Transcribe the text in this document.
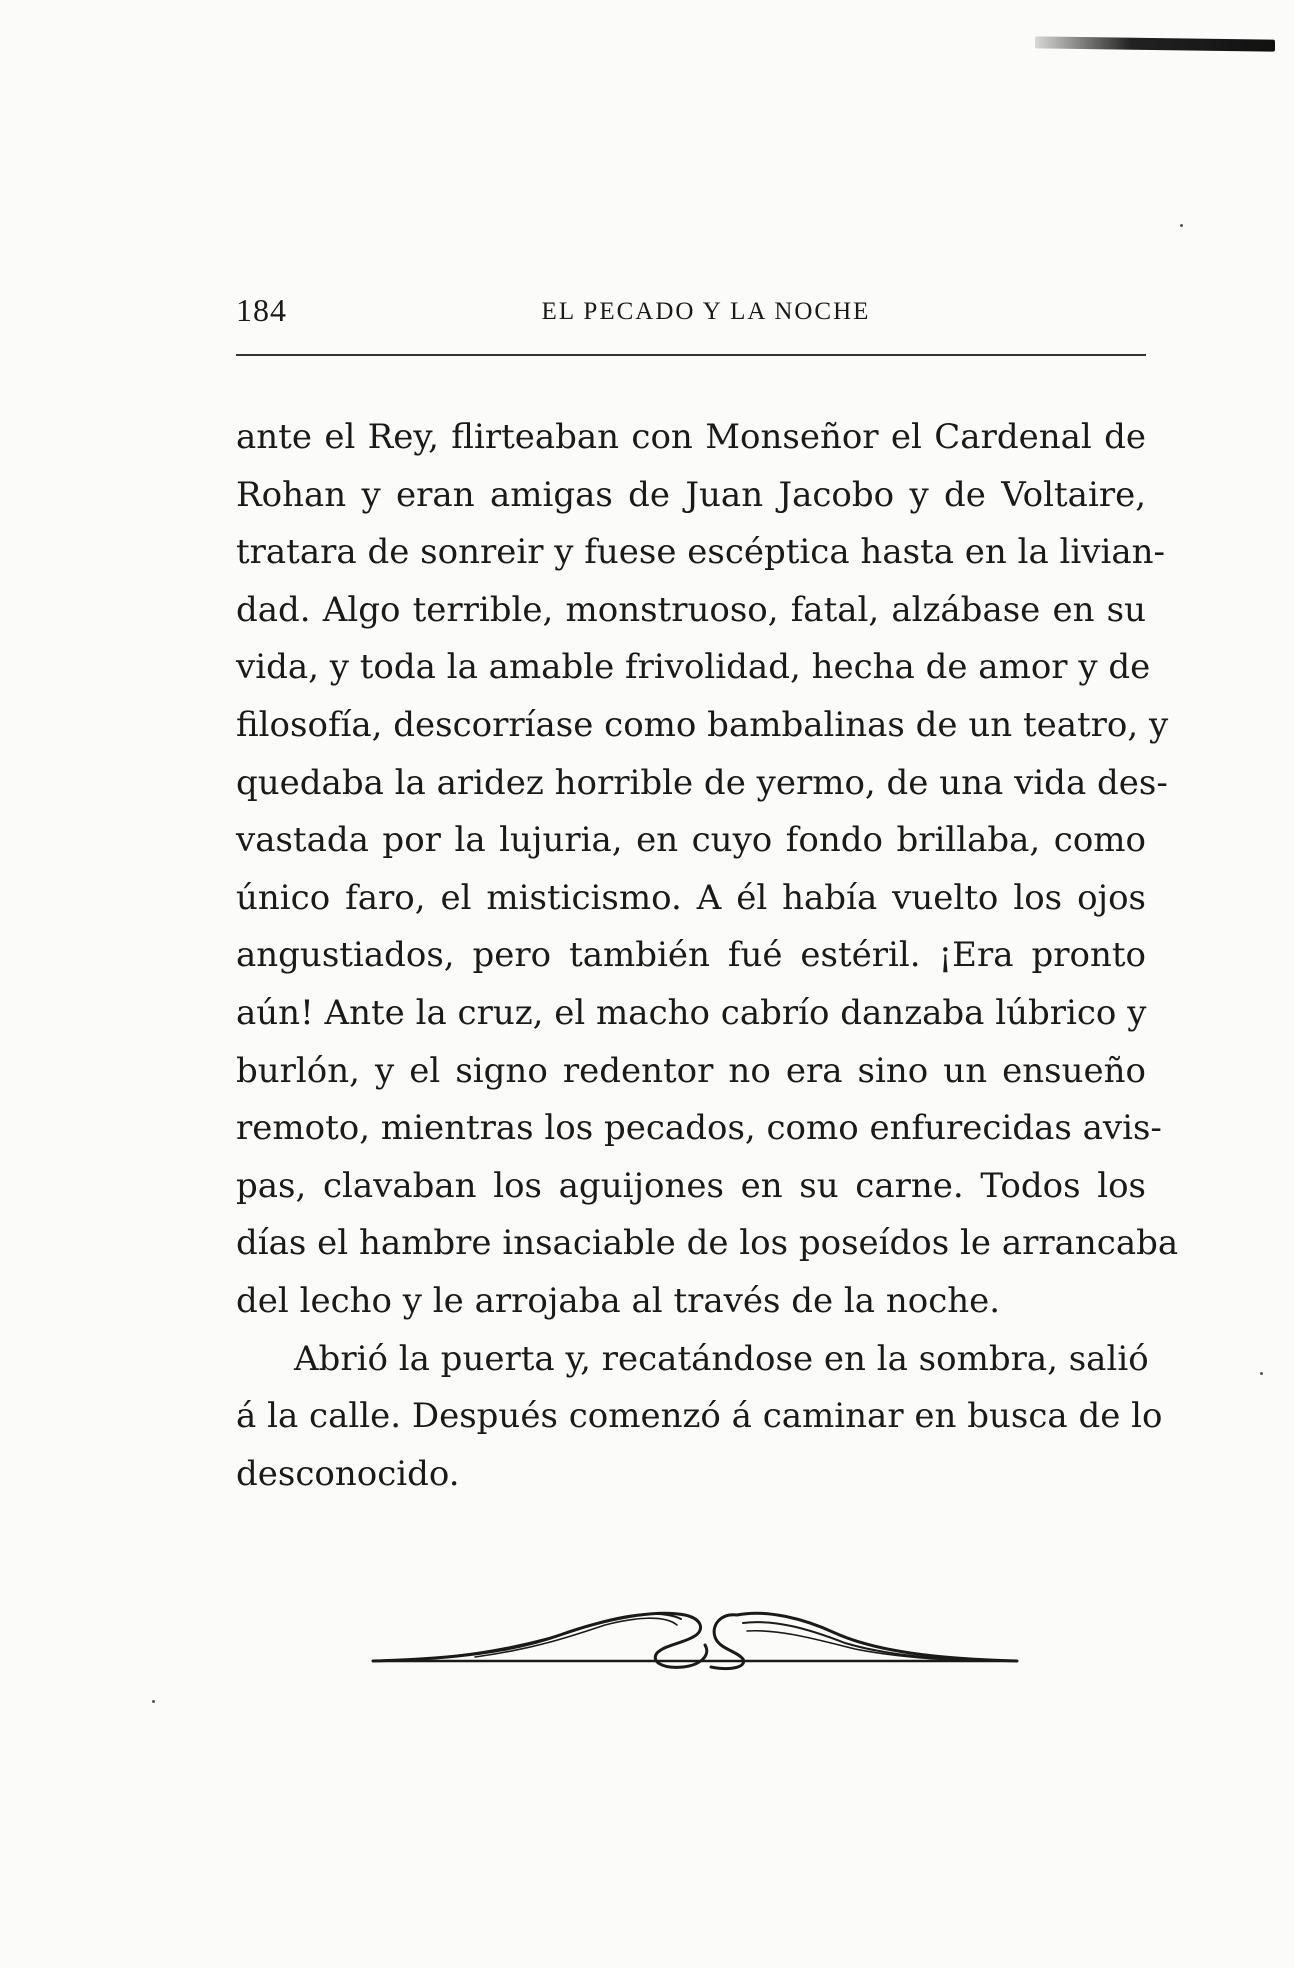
184	EL PECADO Y LA NOCHE
ante el Rey, flirteaban con Monseñor el Cardenal de
Rohan y eran amigas de Juan Jacobo y de Voltaire,
tratara de sonreir y fuese escéptica hasta en la livian-
dad. Algo terrible, monstruoso, fatal, alzábase en su
vida, y toda la amable frivolidad, hecha de amor y de
filosofía, descorríase como bambalinas de un teatro, y
quedaba la aridez horrible de yermo, de una vida des-
vastada por la lujuria, en cuyo fondo brillaba, como
único faro, el misticismo. A él había vuelto los ojos
angustiados, pero también fué estéril. ¡Era pronto
aún! Ante la cruz, el macho cabrío danzaba lúbrico y
burlón, y el signo redentor no era sino un ensueño
remoto, mientras los pecados, como enfurecidas avis-
pas, clavaban los aguijones en su carne. Todos los
días el hambre insaciable de los poseídos le arrancaba
del lecho y le arrojaba al través de la noche.
Abrió la puerta y, recatándose en la sombra, salió
á la calle. Después comenzó á caminar en busca de lo
desconocido.
